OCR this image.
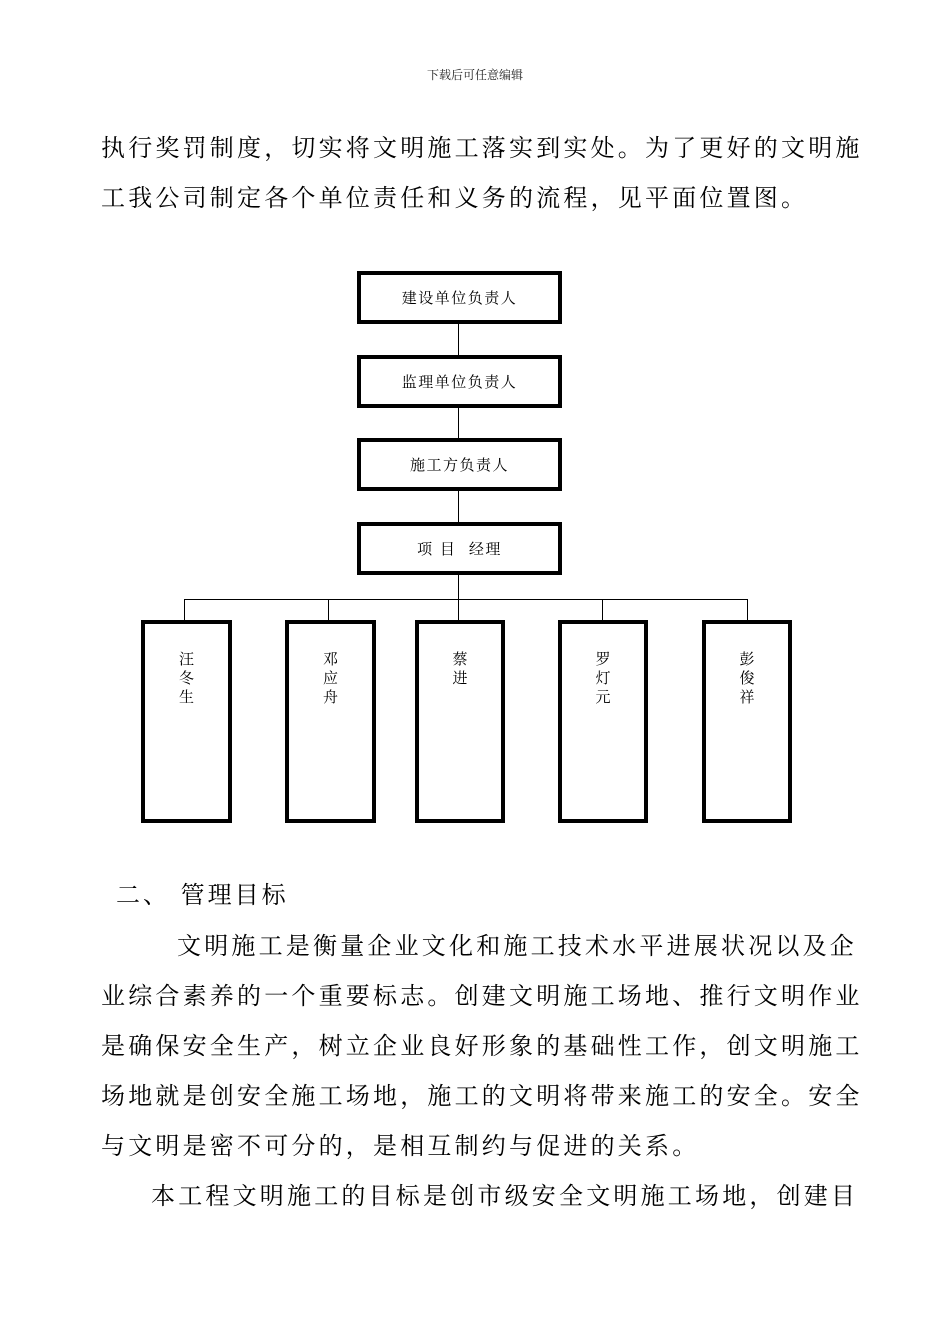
下载后可任意编辑

执行奖罚制度，切实将文明施工落实到实处。为了更好的文明施
工我公司制定各个单位责任和义务的流程，见平面位置图。

建设单位负责人
监理单位负责人
施工方负责人
项 目  经理
汪冬生
邓应舟
蔡进
罗灯元
彭俊祥
二、 管理目标

文明施工是衡量企业文化和施工技术水平进展状况以及企
业综合素养的一个重要标志。创建文明施工场地、推行文明作业
是确保安全生产，树立企业良好形象的基础性工作，创文明施工
场地就是创安全施工场地，施工的文明将带来施工的安全。安全
与文明是密不可分的，是相互制约与促进的关系。

本工程文明施工的目标是创市级安全文明施工场地，创建目
